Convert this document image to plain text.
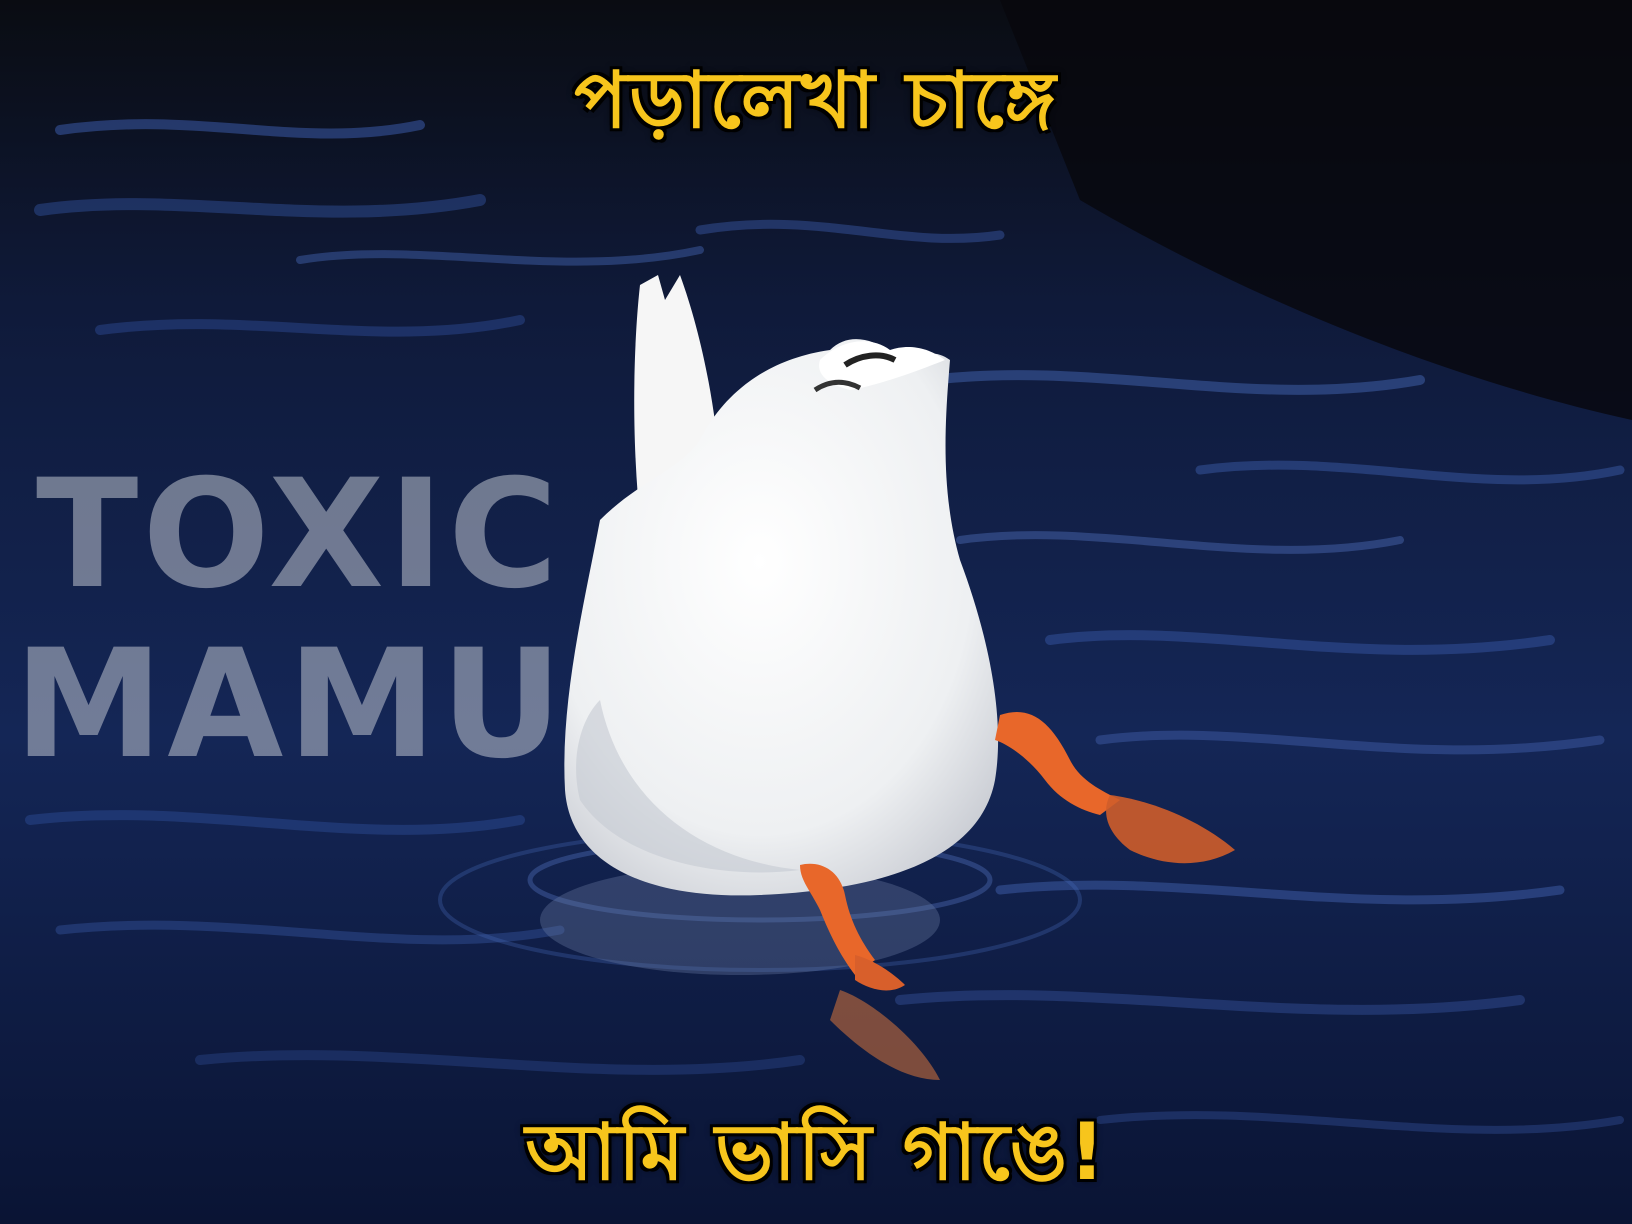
TOXIC
MAMU
পড়ালেখা চাঙ্গে
আমি ভাসি গাঙে!
